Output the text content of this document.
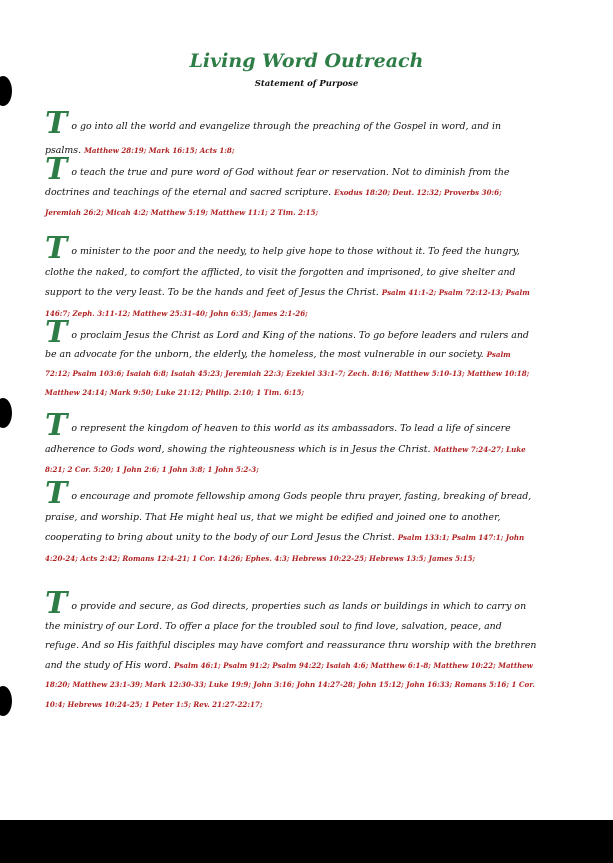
Living Word Outreach
Statement of Purpose
To go into all the world and evangelize through the preaching of the Gospel in word, and in psalms. Matthew 28:19; Mark 16:15; Acts 1:8;
To teach the true and pure word of God without fear or reservation. Not to diminish from the doctrines and teachings of the eternal and sacred scripture. Exodus 18:20; Deut. 12:32; Proverbs 30:6; Jeremiah 26:2; Micah 4:2; Matthew 5:19; Matthew 11:1; 2 Tim. 2:15;
To minister to the poor and the needy, to help give hope to those without it. To feed the hungry, clothe the naked, to comfort the afflicted, to visit the forgotten and imprisoned, to give shelter and support to the very least. To be the hands and feet of Jesus the Christ. Psalm 41:1-2; Psalm 72:12-13; Psalm 146:7; Zeph. 3:11-12; Matthew 25:31-40; John 6:35; James 2:1-26;
To proclaim Jesus the Christ as Lord and King of the nations. To go before leaders and rulers and be an advocate for the unborn, the elderly, the homeless, the most vulnerable in our society. Psalm 72:12; Psalm 103:6; Isaiah 6:8; Isaiah 45:23; Jeremiah 22:3; Ezekiel 33:1-7; Zech. 8:16; Matthew 5:10-13; Matthew 10:18; Matthew 24:14; Mark 9:50; Luke 21:12; Philip. 2:10; 1 Tim. 6:15;
To represent the kingdom of heaven to this world as its ambassadors. To lead a life of sincere adherence to Gods word, showing the righteousness which is in Jesus the Christ. Matthew 7:24-27; Luke 8:21; 2 Cor. 5:20; 1 John 2:6; 1 John 3:8; 1 John 5:2-3;
To encourage and promote fellowship among Gods people thru prayer, fasting, breaking of bread, praise, and worship. That He might heal us, that we might be edified and joined one to another, cooperating to bring about unity to the body of our Lord Jesus the Christ. Psalm 133:1; Psalm 147:1; John 4:20-24; Acts 2:42; Romans 12:4-21; 1 Cor. 14:26; Ephes. 4:3; Hebrews 10:22-25; Hebrews 13:5; James 5:15;
To provide and secure, as God directs, properties such as lands or buildings in which to carry on the ministry of our Lord. To offer a place for the troubled soul to find love, salvation, peace, and refuge. And so His faithful disciples may have comfort and reassurance thru worship with the brethren and the study of His word. Psalm 46:1; Psalm 91:2; Psalm 94:22; Isaiah 4:6; Matthew 6:1-8; Matthew 10:22; Matthew 18:20; Matthew 23:1-39; Mark 12:30-33; Luke 19:9; John 3:16; John 14:27-28; John 15:12; John 16:33; Romans 5:16; 1 Cor. 10:4; Hebrews 10:24-25; 1 Peter 1:5; Rev. 21:27-22:17;
